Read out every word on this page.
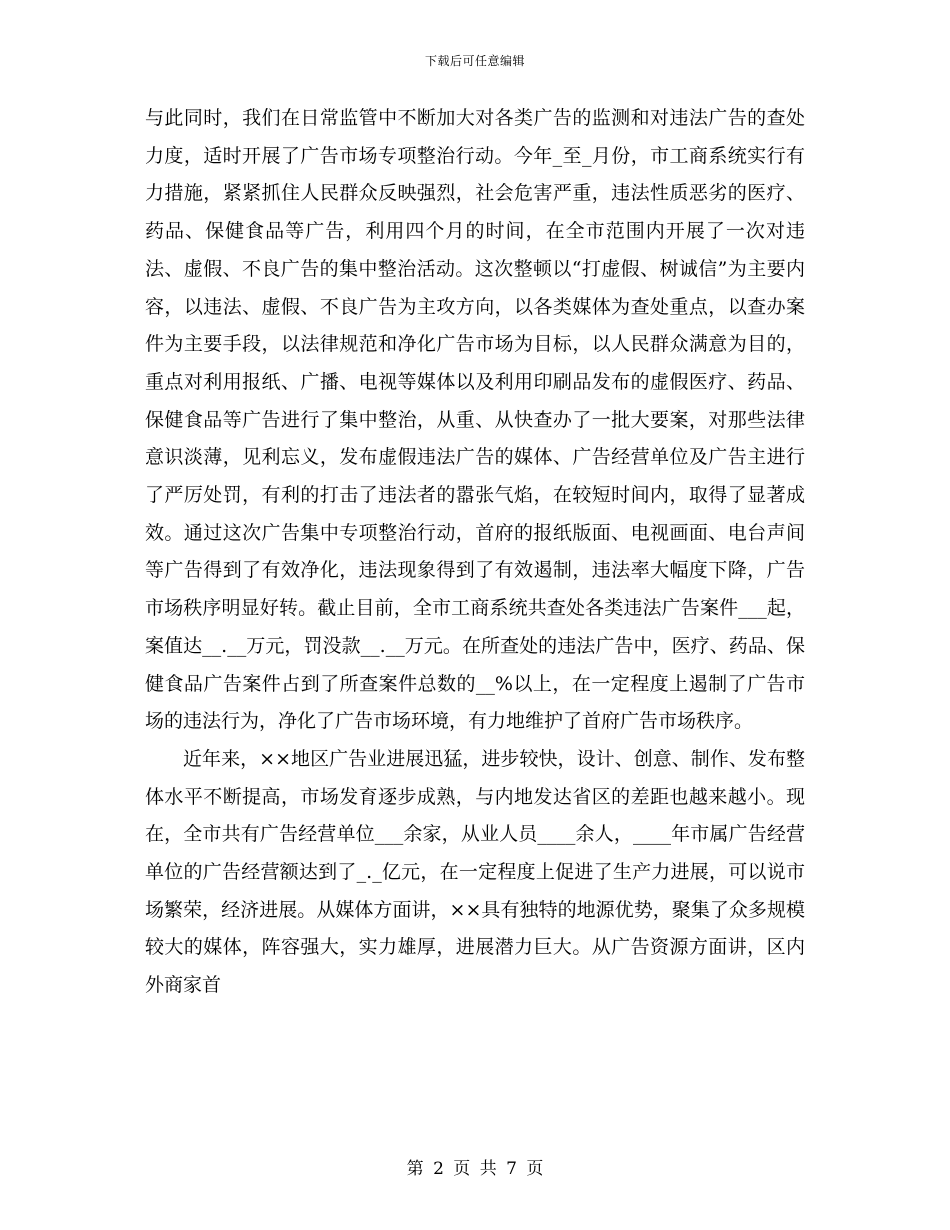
下载后可任意编辑

与此同时，我们在日常监管中不断加大对各类广告的监测和对违法广告的查处力度，适时开展了广告市场专项整治行动。今年_至_月份，市工商系统实行有力措施，紧紧抓住人民群众反映强烈，社会危害严重，违法性质恶劣的医疗、药品、保健食品等广告，利用四个月的时间，在全市范围内开展了一次对违法、虚假、不良广告的集中整治活动。这次整顿以“打虚假、树诚信”为主要内容，以违法、虚假、不良广告为主攻方向，以各类媒体为查处重点，以查办案件为主要手段，以法律规范和净化广告市场为目标，以人民群众满意为目的，重点对利用报纸、广播、电视等媒体以及利用印刷品发布的虚假医疗、药品、保健食品等广告进行了集中整治，从重、从快查办了一批大要案，对那些法律意识淡薄，见利忘义，发布虚假违法广告的媒体、广告经营单位及广告主进行了严厉处罚，有利的打击了违法者的嚣张气焰，在较短时间内，取得了显著成效。通过这次广告集中专项整治行动，首府的报纸版面、电视画面、电台声间等广告得到了有效净化，违法现象得到了有效遏制，违法率大幅度下降，广告市场秩序明显好转。截止目前，全市工商系统共查处各类违法广告案件___起，案值达__.__万元，罚没款__.__万元。在所查处的违法广告中，医疗、药品、保健食品广告案件占到了所查案件总数的__%以上，在一定程度上遏制了广告市场的违法行为，净化了广告市场环境，有力地维护了首府广告市场秩序。

近年来，××地区广告业进展迅猛，进步较快，设计、创意、制作、发布整体水平不断提高，市场发育逐步成熟，与内地发达省区的差距也越来越小。现在，全市共有广告经营单位___余家，从业人员____余人，____年市属广告经营单位的广告经营额达到了_._亿元，在一定程度上促进了生产力进展，可以说市场繁荣，经济进展。从媒体方面讲，××具有独特的地源优势，聚集了众多规模较大的媒体，阵容强大，实力雄厚，进展潜力巨大。从广告资源方面讲，区内外商家首

第 2 页 共 7 页
